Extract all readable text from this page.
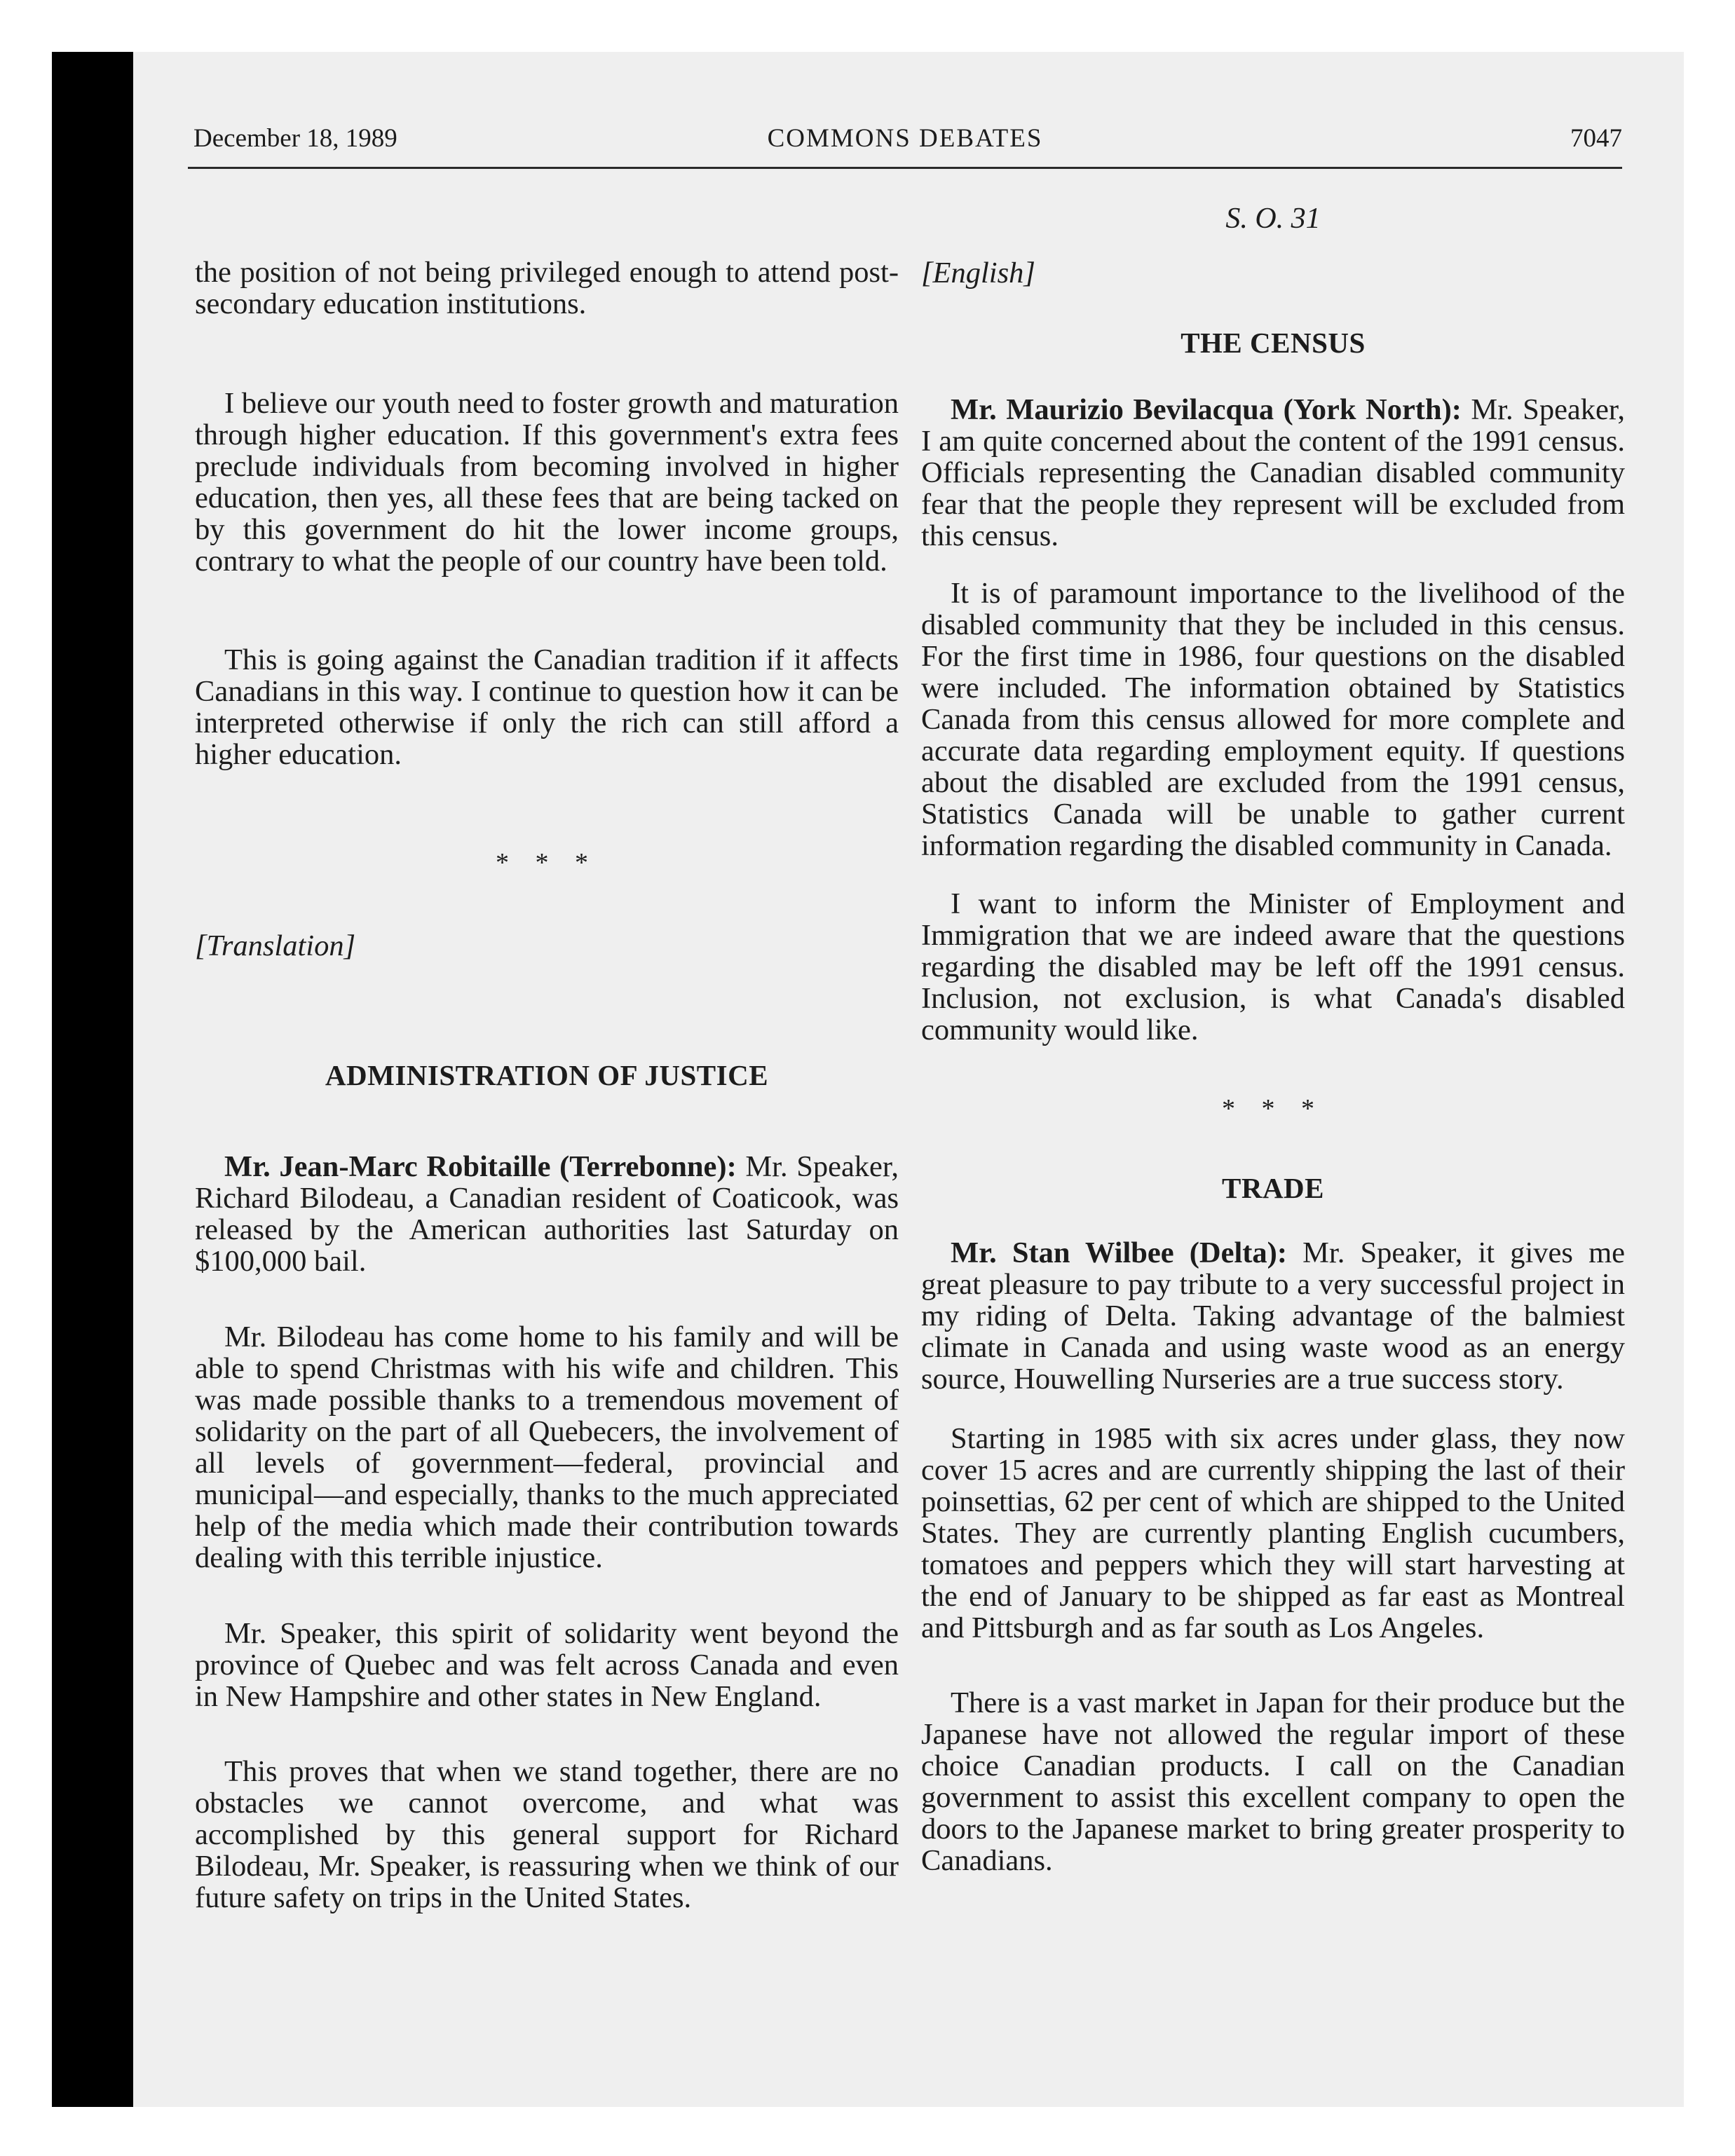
December 18, 1989	COMMONS DEBATES	7047

the position of not being privileged enough to attend post-secondary education institutions.

I believe our youth need to foster growth and maturation through higher education. If this government's extra fees preclude individuals from becoming involved in higher education, then yes, all these fees that are being tacked on by this government do hit the lower income groups, contrary to what the people of our country have been told.

This is going against the Canadian tradition if it affects Canadians in this way. I continue to question how it can be interpreted otherwise if only the rich can still afford a higher education.

* * *

[Translation]

ADMINISTRATION OF JUSTICE

Mr. Jean-Marc Robitaille (Terrebonne): Mr. Speaker, Richard Bilodeau, a Canadian resident of Coaticook, was released by the American authorities last Saturday on $100,000 bail.

Mr. Bilodeau has come home to his family and will be able to spend Christmas with his wife and children. This was made possible thanks to a tremendous movement of solidarity on the part of all Quebecers, the involvement of all levels of government—federal, provincial and municipal—and especially, thanks to the much appreciated help of the media which made their contribution towards dealing with this terrible injustice.

Mr. Speaker, this spirit of solidarity went beyond the province of Quebec and was felt across Canada and even in New Hampshire and other states in New England.

This proves that when we stand together, there are no obstacles we cannot overcome, and what was accomplished by this general support for Richard Bilodeau, Mr. Speaker, is reassuring when we think of our future safety on trips in the United States.

S. O. 31

[English]

THE CENSUS

Mr. Maurizio Bevilacqua (York North): Mr. Speaker, I am quite concerned about the content of the 1991 census. Officials representing the Canadian disabled community fear that the people they represent will be excluded from this census.

It is of paramount importance to the livelihood of the disabled community that they be included in this census. For the first time in 1986, four questions on the disabled were included. The information obtained by Statistics Canada from this census allowed for more complete and accurate data regarding employment equity. If questions about the disabled are excluded from the 1991 census, Statistics Canada will be unable to gather current information regarding the disabled community in Canada.

I want to inform the Minister of Employment and Immigration that we are indeed aware that the questions regarding the disabled may be left off the 1991 census. Inclusion, not exclusion, is what Canada's disabled community would like.

* * *

TRADE

Mr. Stan Wilbee (Delta): Mr. Speaker, it gives me great pleasure to pay tribute to a very successful project in my riding of Delta. Taking advantage of the balmiest climate in Canada and using waste wood as an energy source, Houwelling Nurseries are a true success story.

Starting in 1985 with six acres under glass, they now cover 15 acres and are currently shipping the last of their poinsettias, 62 per cent of which are shipped to the United States. They are currently planting English cucumbers, tomatoes and peppers which they will start harvesting at the end of January to be shipped as far east as Montreal and Pittsburgh and as far south as Los Angeles.

There is a vast market in Japan for their produce but the Japanese have not allowed the regular import of these choice Canadian products. I call on the Canadian government to assist this excellent company to open the doors to the Japanese market to bring greater prosperity to Canadians.
